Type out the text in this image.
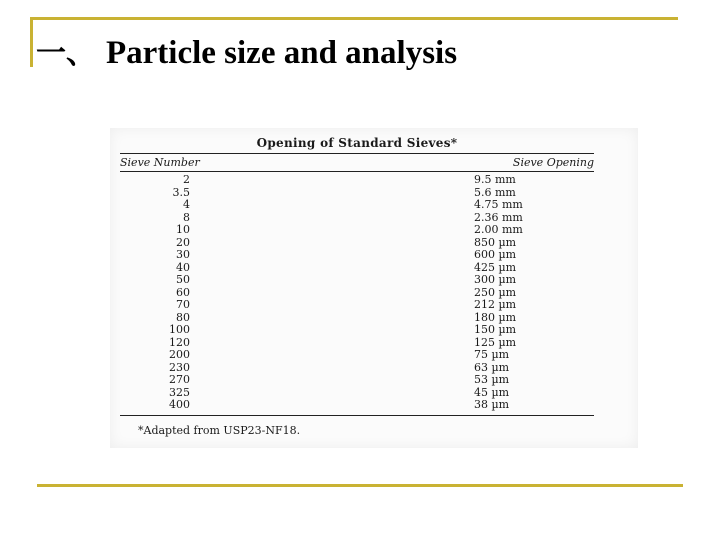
一、 Particle size and analysis
Opening of Standard Sieves*
Sieve Number	Sieve Opening
2	9.5 mm
3.5	5.6 mm
4	4.75 mm
8	2.36 mm
10	2.00 mm
20	850 µm
30	600 µm
40	425 µm
50	300 µm
60	250 µm
70	212 µm
80	180 µm
100	150 µm
120	125 µm
200	75 µm
230	63 µm
270	53 µm
325	45 µm
400	38 µm
*Adapted from USP23-NF18.
